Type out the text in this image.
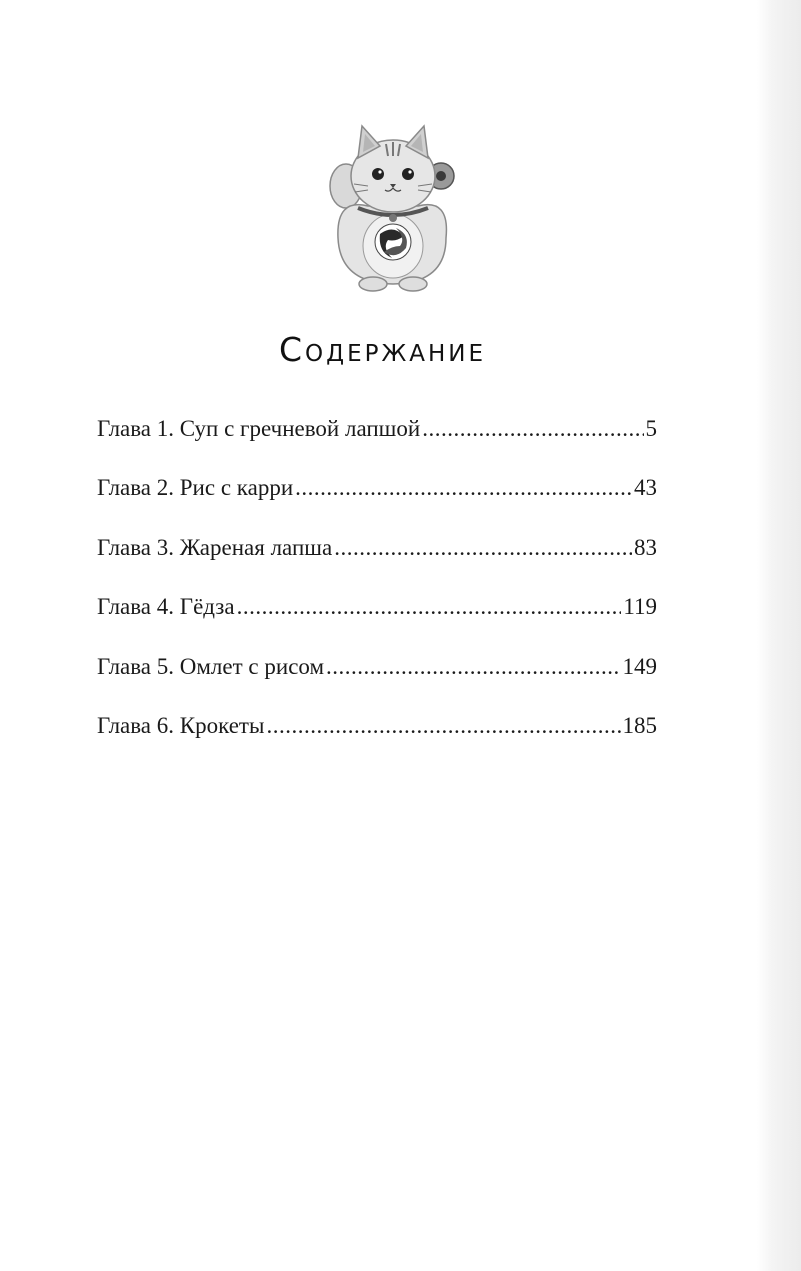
Содержание
Глава 1. Суп с гречневой лапшой .....	5
Глава 2. Рис с карри .....	43
Глава 3. Жареная лапша .....	83
Глава 4. Гёдза .....	119
Глава 5. Омлет с рисом .....	149
Глава 6. Крокеты .....	185
